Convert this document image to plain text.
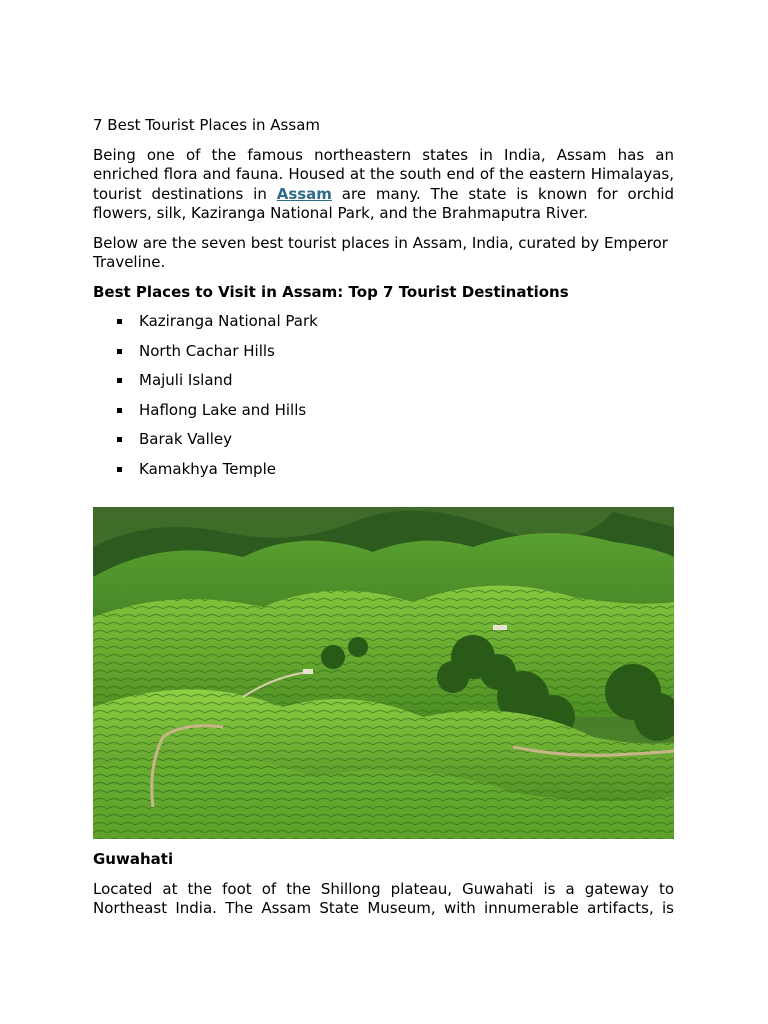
7 Best Tourist Places in Assam

Being one of the famous northeastern states in India, Assam has an enriched flora and fauna. Housed at the south end of the eastern Himalayas, tourist destinations in Assam are many. The state is known for orchid flowers, silk, Kaziranga National Park, and the Brahmaputra River.

Below are the seven best tourist places in Assam, India, curated by Emperor
Traveline.

Best Places to Visit in Assam: Top 7 Tourist Destinations
Kaziranga National Park
North Cachar Hills
Majuli Island
Haflong Lake and Hills
Barak Valley
Kamakhya Temple
Guwahati

Located at the foot of the Shillong plateau, Guwahati is a gateway to Northeast India. The Assam State Museum, with innumerable artifacts, is
